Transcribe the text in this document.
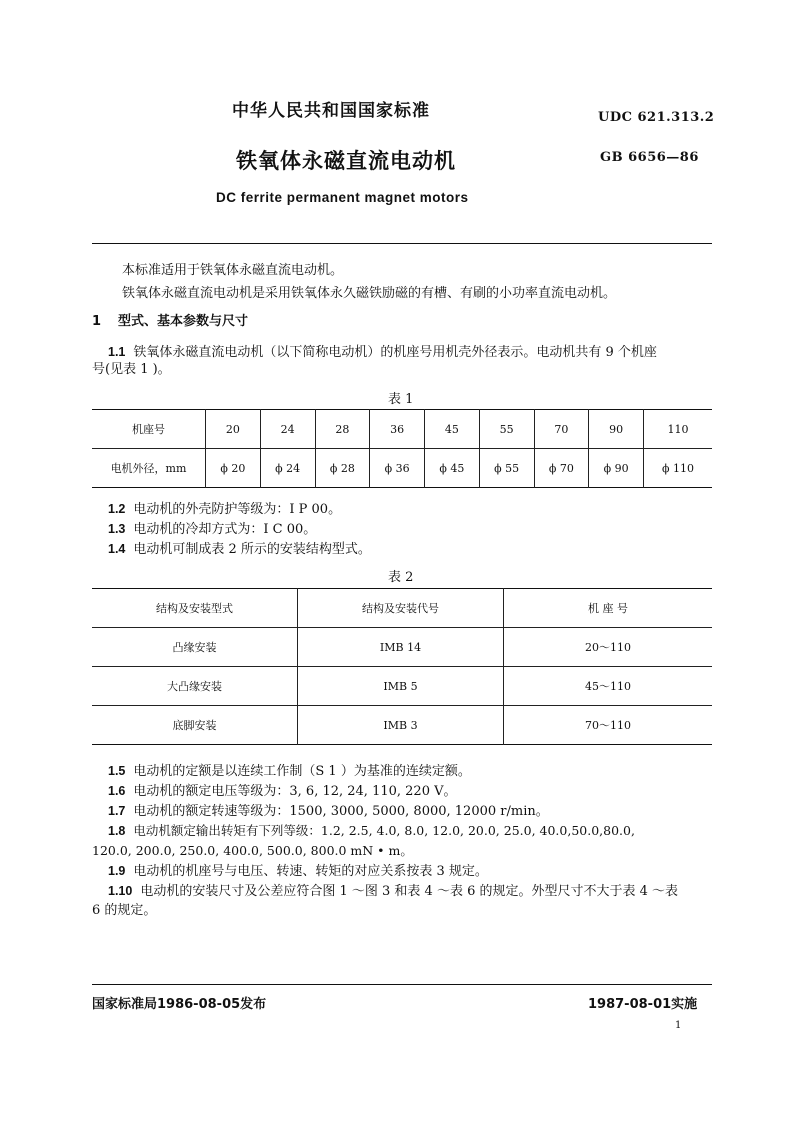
中华人民共和国国家标准	UDC 621.313.2
铁氧体永磁直流电动机	GB 6656—86
DC ferrite permanent magnet motors
本标准适用于铁氧体永磁直流电动机。
铁氧体永磁直流电动机是采用铁氧体永久磁铁励磁的有槽、有刷的小功率直流电动机。
1 型式、基本参数与尺寸
1.1 铁氧体永磁直流电动机（以下简称电动机）的机座号用机壳外径表示。电动机共有 9 个机座
号(见表 1 )。
表 1
机座号	20	24	28	36	45	55	70	90	110
电机外径，mm	ϕ 20	ϕ 24	ϕ 28	ϕ 36	ϕ 45	ϕ 55	ϕ 70	ϕ 90	ϕ 110
1.2 电动机的外壳防护等级为：I P 00。
1.3 电动机的冷却方式为：I C 00。
1.4 电动机可制成表 2 所示的安装结构型式。
表 2
结构及安装型式	结构及安装代号	机 座 号
凸缘安装	IMB 14	20～110
大凸缘安装	IMB 5	45～110
底脚安装	IMB 3	70～110
1.5 电动机的定额是以连续工作制（S 1 ）为基准的连续定额。
1.6 电动机的额定电压等级为：3, 6, 12, 24, 110, 220 V。
1.7 电动机的额定转速等级为：1500, 3000, 5000, 8000, 12000 r/min。
1.8 电动机额定输出转矩有下列等级：1.2, 2.5, 4.0, 8.0, 12.0, 20.0, 25.0, 40.0,50.0,80.0,
120.0, 200.0, 250.0, 400.0, 500.0, 800.0 mN • m。
1.9 电动机的机座号与电压、转速、转矩的对应关系按表 3 规定。
1.10 电动机的安装尺寸及公差应符合图 1 ～图 3 和表 4 ～表 6 的规定。外型尺寸不大于表 4 ～表
6 的规定。
国家标准局1986-08-05发布	1987-08-01实施
1
